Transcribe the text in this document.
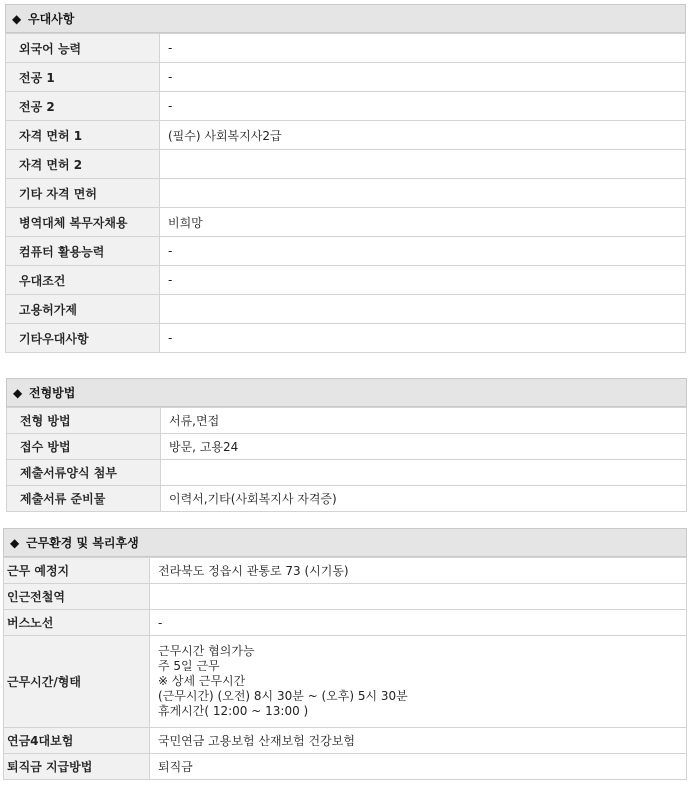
◆ 우대사항
외국어 능력	-
전공 1	-
전공 2	-
자격 면허 1	(필수) 사회복지사2급
자격 면허 2	
기타 자격 면허	
병역대체 복무자채용	비희망
컴퓨터 활용능력	-
우대조건	-
고용허가제	
기타우대사항	-
◆ 전형방법
전형 방법	서류,면접
접수 방법	방문, 고용24
제출서류양식 첨부	
제출서류 준비물	이력서,기타(사회복지사 자격증)
◆ 근무환경 및 복리후생
근무 예정지	전라북도 정읍시 관통로 73 (시기동)
인근전철역	
버스노선	-
근무시간/형태	근무시간 협의가능
주 5일 근무
※ 상세 근무시간
(근무시간) (오전) 8시 30분 ~ (오후) 5시 30분
휴게시간( 12:00 ~ 13:00 )

연금4대보험	국민연금 고용보험 산재보험 건강보험
퇴직금 지급방법	퇴직금
